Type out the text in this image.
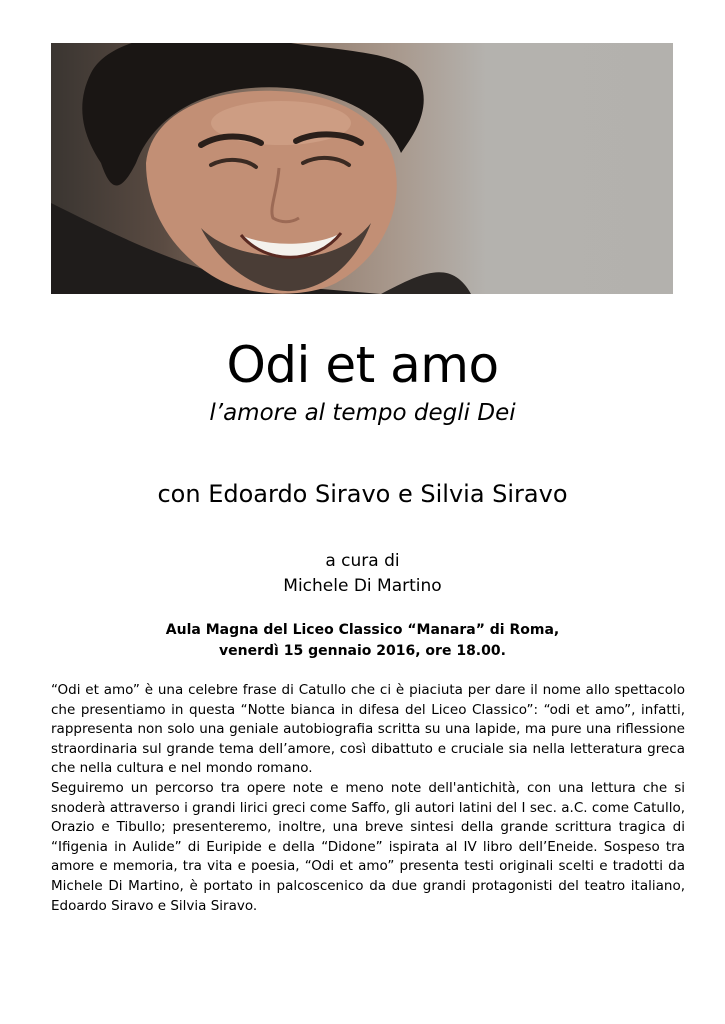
Odi et amo
l’amore al tempo degli Dei
con Edoardo Siravo e Silvia Siravo
a cura di
Michele Di Martino
Aula Magna del Liceo Classico “Manara” di Roma,
venerdì 15 gennaio 2016, ore 18.00.

“Odi et amo” è una celebre frase di Catullo che ci è piaciuta per dare il nome allo spettacolo che presentiamo in questa “Notte bianca in difesa del Liceo Classico”: “odi et amo”, infatti, rappresenta non solo una geniale autobiografia scritta su una lapide, ma pure una riflessione straordinaria sul grande tema dell’amore, così dibattuto e cruciale sia nella letteratura greca che nella cultura e nel mondo romano.

Seguiremo un percorso tra opere note e meno note dell'antichità, con una lettura che si snoderà attraverso i grandi lirici greci come Saffo, gli autori latini del I sec. a.C. come Catullo, Orazio e Tibullo; presenteremo, inoltre, una breve sintesi della grande scrittura tragica di “Ifigenia in Aulide” di Euripide e della “Didone” ispirata al IV libro dell’Eneide. Sospeso tra amore e memoria, tra vita e poesia, “Odi et amo” presenta testi originali scelti e tradotti da Michele Di Martino, è portato in palcoscenico da due grandi protagonisti del teatro italiano, Edoardo Siravo e Silvia Siravo.
